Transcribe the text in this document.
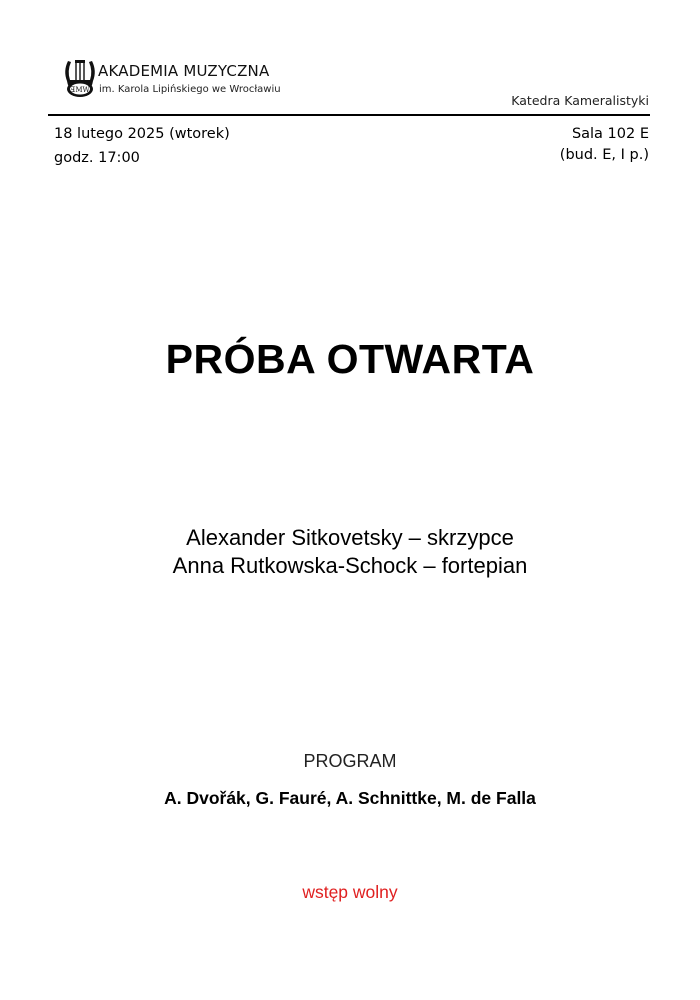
ƎMW
AKADEMIA MUZYCZNA
im. Karola Lipińskiego we Wrocławiu
Katedra Kameralistyki
18 lutego 2025 (wtorek)
godz. 17:00
Sala 102 E
(bud. E, I p.)
PRÓBA OTWARTA
Alexander Sitkovetsky – skrzypce
Anna Rutkowska-Schock – fortepian
PROGRAM
A. Dvořák, G. Fauré, A. Schnittke, M. de Falla
wstęp wolny
